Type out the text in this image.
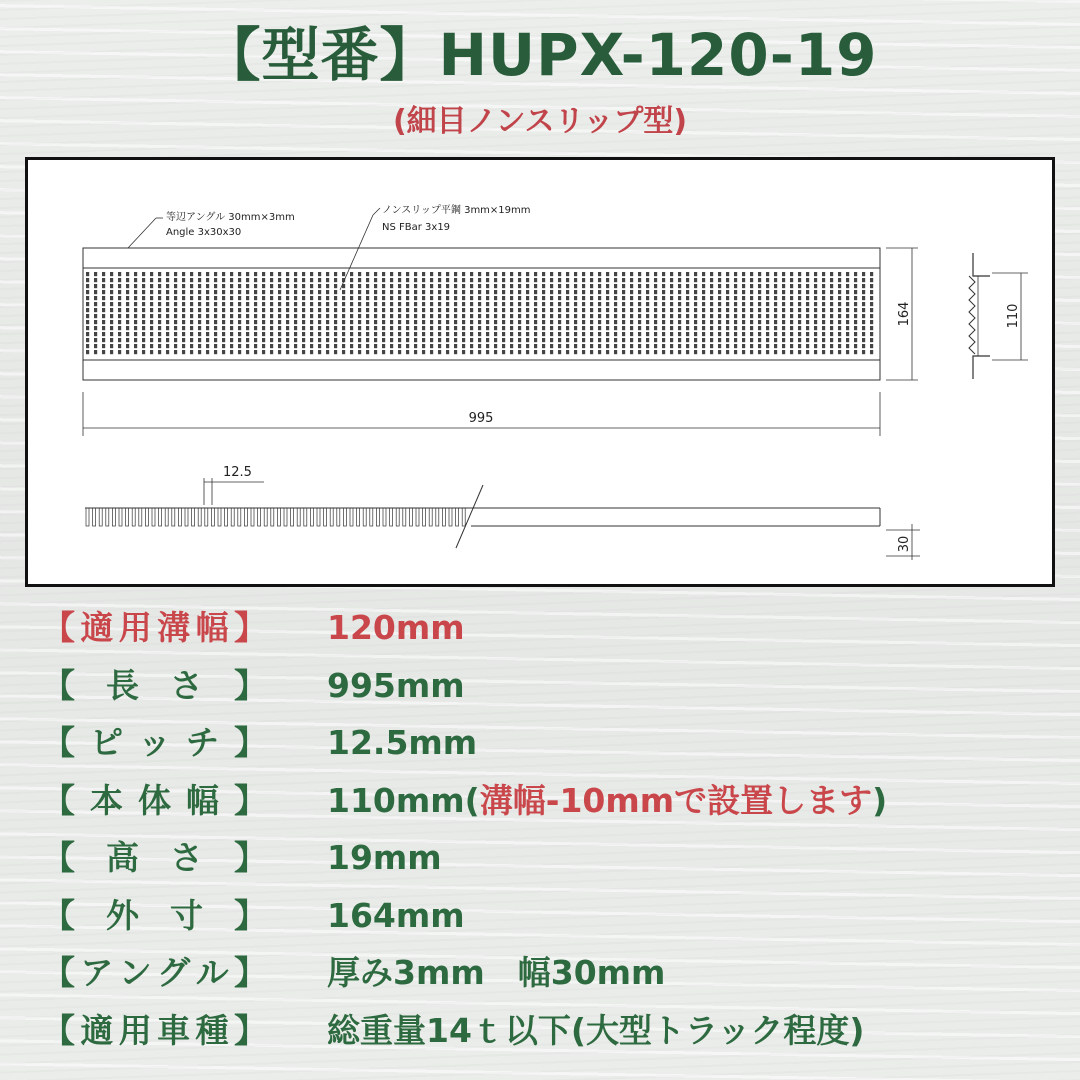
【型番】HUPX-120-19
(細目ノンスリップ型)
等辺アングル 30mm×3mm
Angle 3x30x30
ノンスリップ平鋼 3mm×19mm
NS FBar 3x19
995
164	110
12.5
30
【 適 用 溝 幅 】 120mm
【 長 さ 】 995mm
【 ピ ッ チ 】 12.5mm
【 本 体 幅 】 110mm(溝幅-10mmで設置します)
【 高 さ 】 19mm
【 外 寸 】 164mm
【 ア ン グ ル 】 厚み3mm　幅30mm
【 適 用 車 種 】 総重量14ｔ以下(大型トラック程度)
